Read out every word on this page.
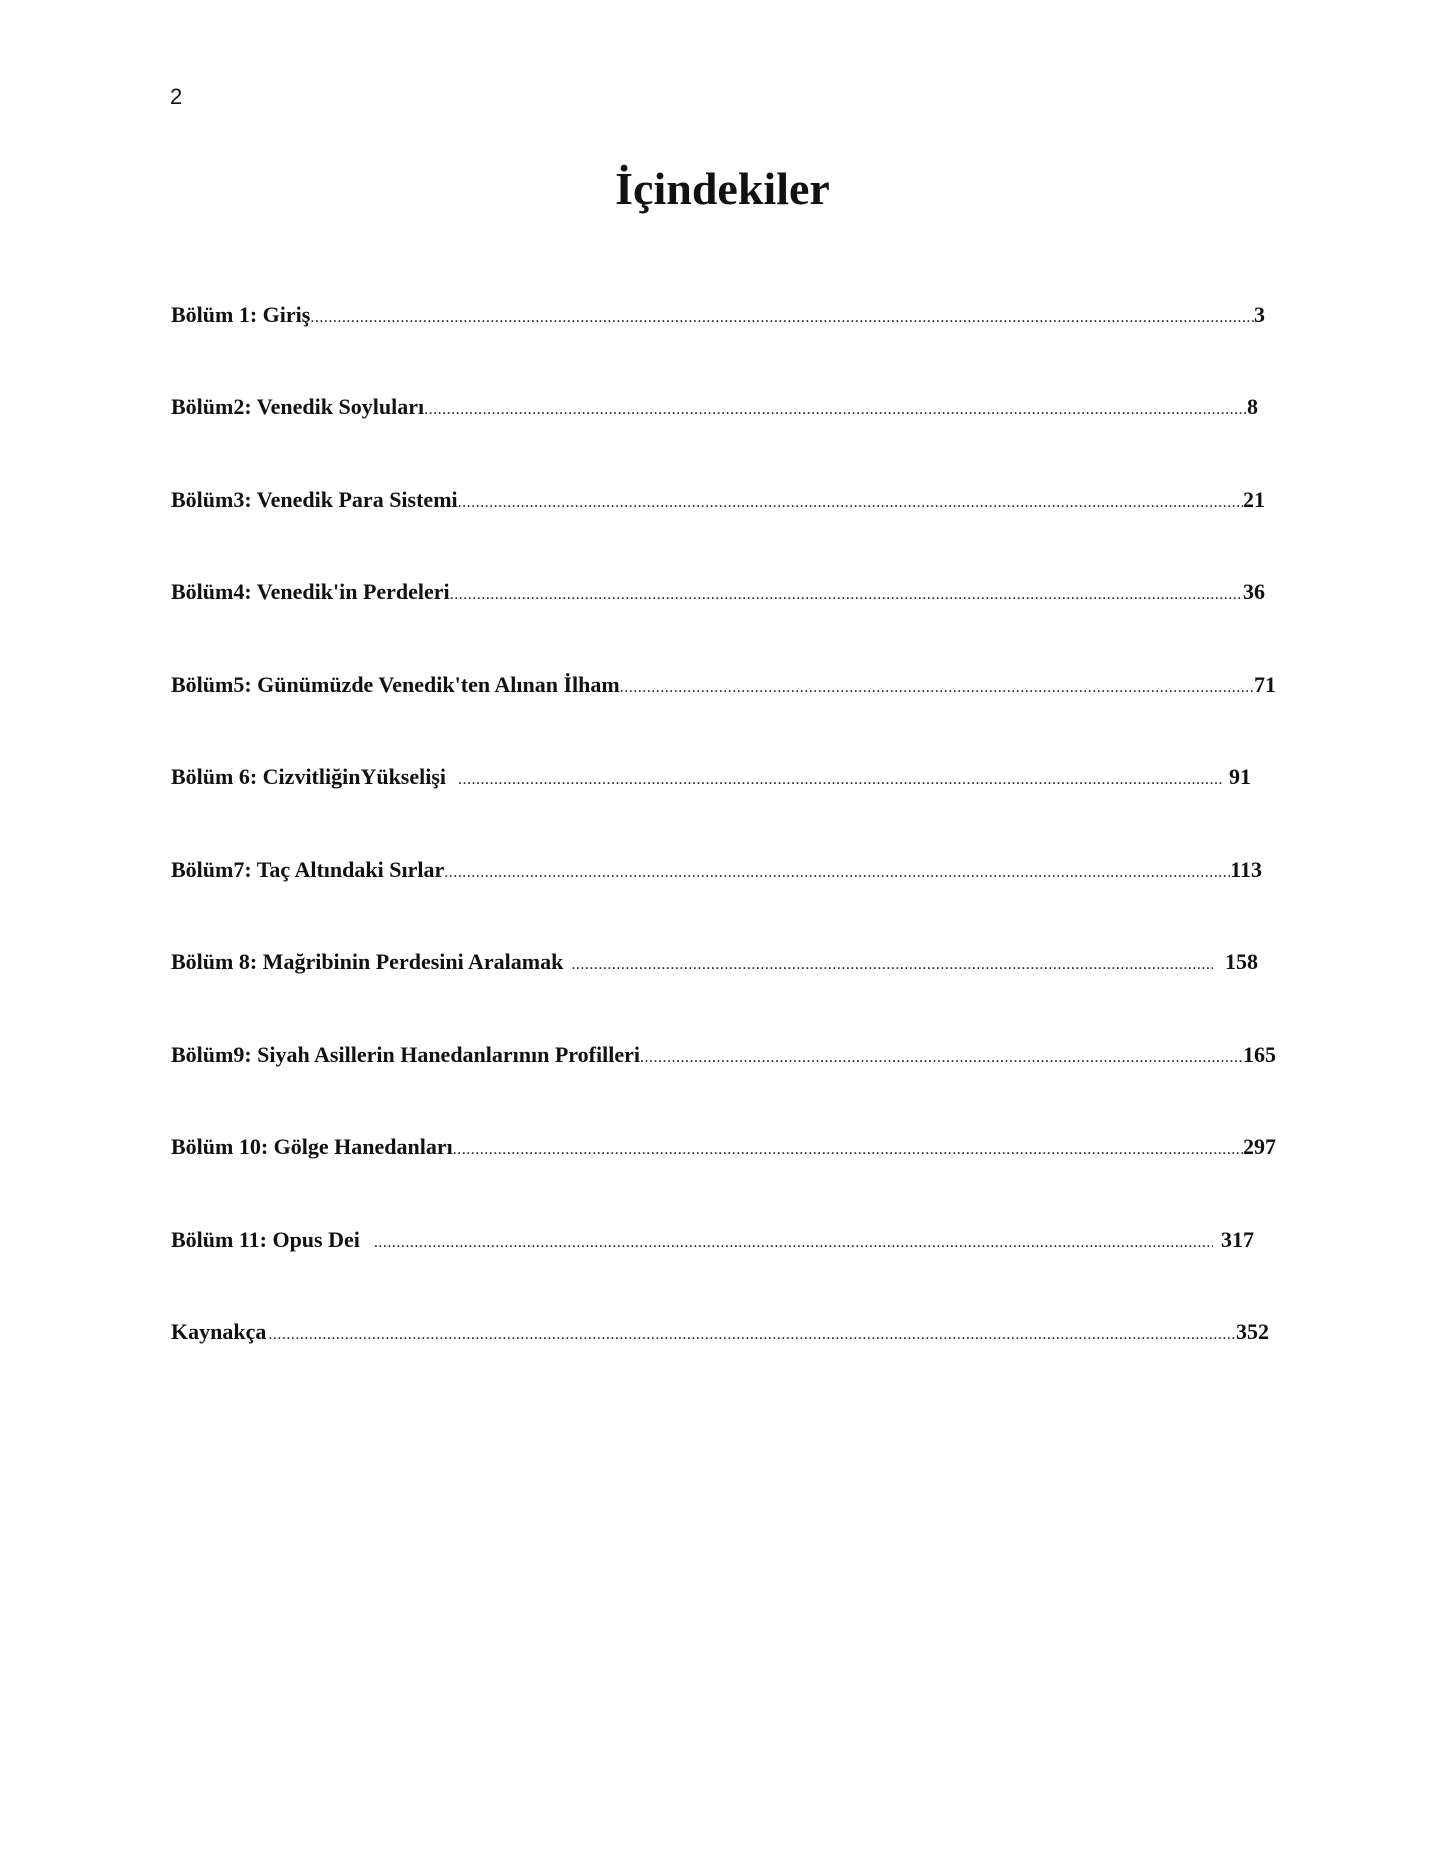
2
İçindekiler
Bölüm 1: Giriş .....	3
Bölüm2: Venedik Soyluları .....	8
Bölüm3: Venedik Para Sistemi .....	21
Bölüm4: Venedik'in Perdeleri .....	36
Bölüm5: Günümüzde Venedik'ten Alınan İlham .....	71
Bölüm 6: CizvitliğinYükselişi .....	91
Bölüm7: Taç Altındaki Sırlar .....	113
Bölüm 8: Mağribinin Perdesini Aralamak .....	158
Bölüm9: Siyah Asillerin Hanedanlarının Profilleri .....	165
Bölüm 10: Gölge Hanedanları .....	297
Bölüm 11: Opus Dei .....	317
Kaynakça .....	352
